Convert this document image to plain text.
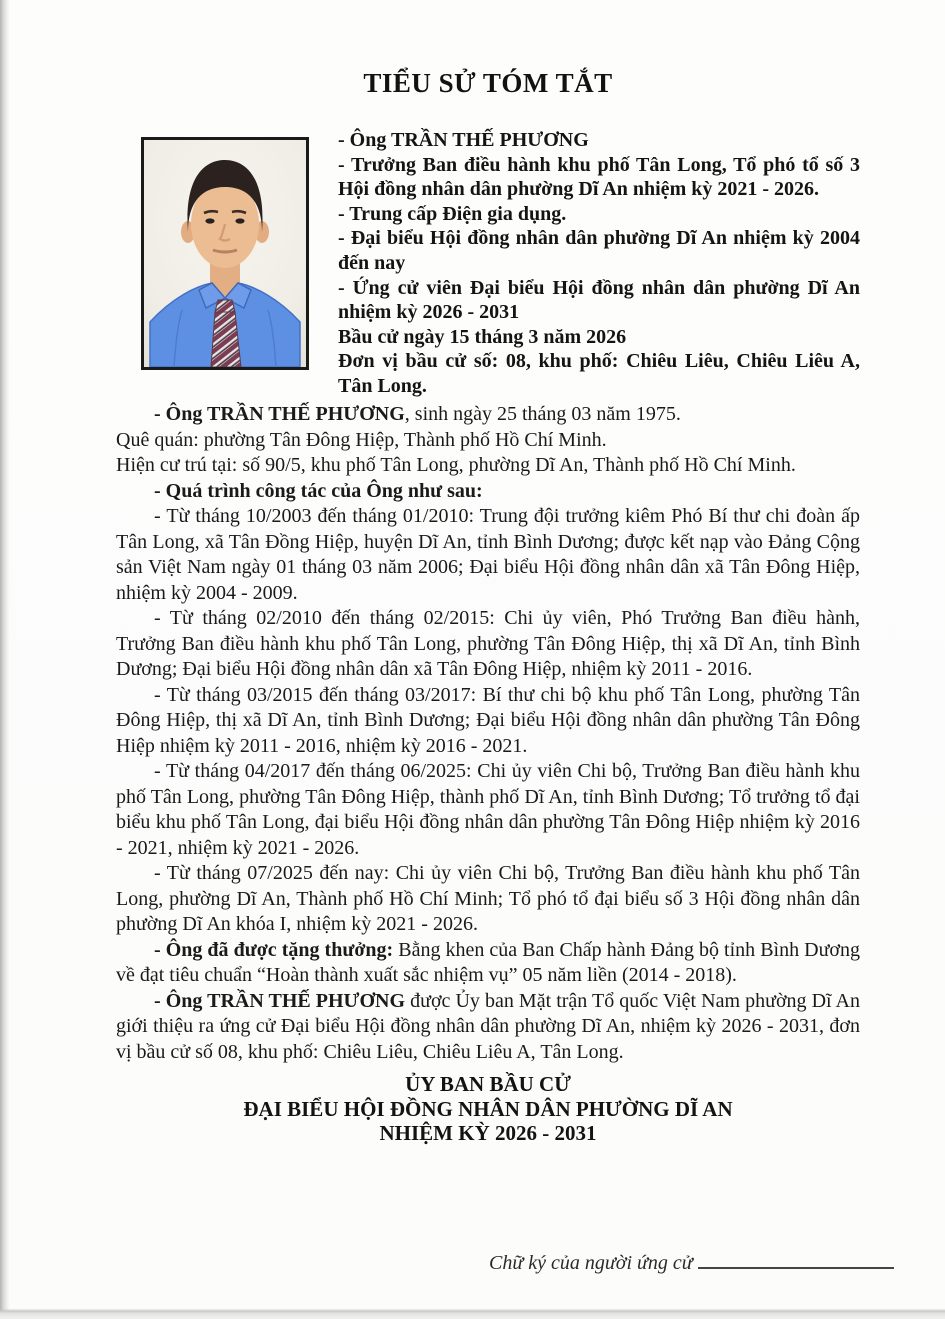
TIỂU SỬ TÓM TẮT

- Ông TRẦN THẾ PHƯƠNG

- Trưởng Ban điều hành khu phố Tân Long, Tổ phó tổ số 3 Hội đồng nhân dân phường Dĩ An nhiệm kỳ 2021 - 2026.

- Trung cấp Điện gia dụng.

- Đại biểu Hội đồng nhân dân phường Dĩ An nhiệm kỳ 2004 đến nay

- Ứng cử viên Đại biểu Hội đồng nhân dân phường Dĩ An nhiệm kỳ 2026 - 2031

Bầu cử ngày 15 tháng 3 năm 2026

Đơn vị bầu cử số: 08, khu phố: Chiêu Liêu, Chiêu Liêu A, Tân Long.

- Ông TRẦN THẾ PHƯƠNG, sinh ngày 25 tháng 03 năm 1975.

Quê quán: phường Tân Đông Hiệp, Thành phố Hồ Chí Minh.

Hiện cư trú tại: số 90/5, khu phố Tân Long, phường Dĩ An, Thành phố Hồ Chí Minh.

- Quá trình công tác của Ông như sau:

- Từ tháng 10/2003 đến tháng 01/2010: Trung đội trưởng kiêm Phó Bí thư chi đoàn ấp Tân Long, xã Tân Đồng Hiệp, huyện Dĩ An, tỉnh Bình Dương; được kết nạp vào Đảng Cộng sản Việt Nam ngày 01 tháng 03 năm 2006; Đại biểu Hội đồng nhân dân xã Tân Đông Hiệp, nhiệm kỳ 2004 - 2009.

- Từ tháng 02/2010 đến tháng 02/2015: Chi ủy viên, Phó Trưởng Ban điều hành, Trưởng Ban điều hành khu phố Tân Long, phường Tân Đông Hiệp, thị xã Dĩ An, tỉnh Bình Dương; Đại biểu Hội đồng nhân dân xã Tân Đông Hiệp, nhiệm kỳ 2011 - 2016.

- Từ tháng 03/2015 đến tháng 03/2017: Bí thư chi bộ khu phố Tân Long, phường Tân Đông Hiệp, thị xã Dĩ An, tỉnh Bình Dương; Đại biểu Hội đồng nhân dân phường Tân Đông Hiệp nhiệm kỳ 2011 - 2016, nhiệm kỳ 2016 - 2021.

- Từ tháng 04/2017 đến tháng 06/2025: Chi ủy viên Chi bộ, Trưởng Ban điều hành khu phố Tân Long, phường Tân Đông Hiệp, thành phố Dĩ An, tỉnh Bình Dương; Tổ trưởng tổ đại biểu khu phố Tân Long, đại biểu Hội đồng nhân dân phường Tân Đông Hiệp nhiệm kỳ 2016 - 2021, nhiệm kỳ 2021 - 2026.

- Từ tháng 07/2025 đến nay: Chi ủy viên Chi bộ, Trưởng Ban điều hành khu phố Tân Long, phường Dĩ An, Thành phố Hồ Chí Minh; Tổ phó tổ đại biểu số 3 Hội đồng nhân dân phường Dĩ An khóa I, nhiệm kỳ 2021 - 2026.

- Ông đã được tặng thưởng: Bằng khen của Ban Chấp hành Đảng bộ tỉnh Bình Dương về đạt tiêu chuẩn “Hoàn thành xuất sắc nhiệm vụ” 05 năm liền (2014 - 2018).

- Ông TRẦN THẾ PHƯƠNG được Ủy ban Mặt trận Tổ quốc Việt Nam phường Dĩ An giới thiệu ra ứng cử Đại biểu Hội đồng nhân dân phường Dĩ An, nhiệm kỳ 2026 - 2031, đơn vị bầu cử số 08, khu phố: Chiêu Liêu, Chiêu Liêu A, Tân Long.

ỦY BAN BẦU CỬ

ĐẠI BIỂU HỘI ĐỒNG NHÂN DÂN PHƯỜNG DĨ AN

NHIỆM KỲ 2026 - 2031

Chữ ký của người ứng cử
